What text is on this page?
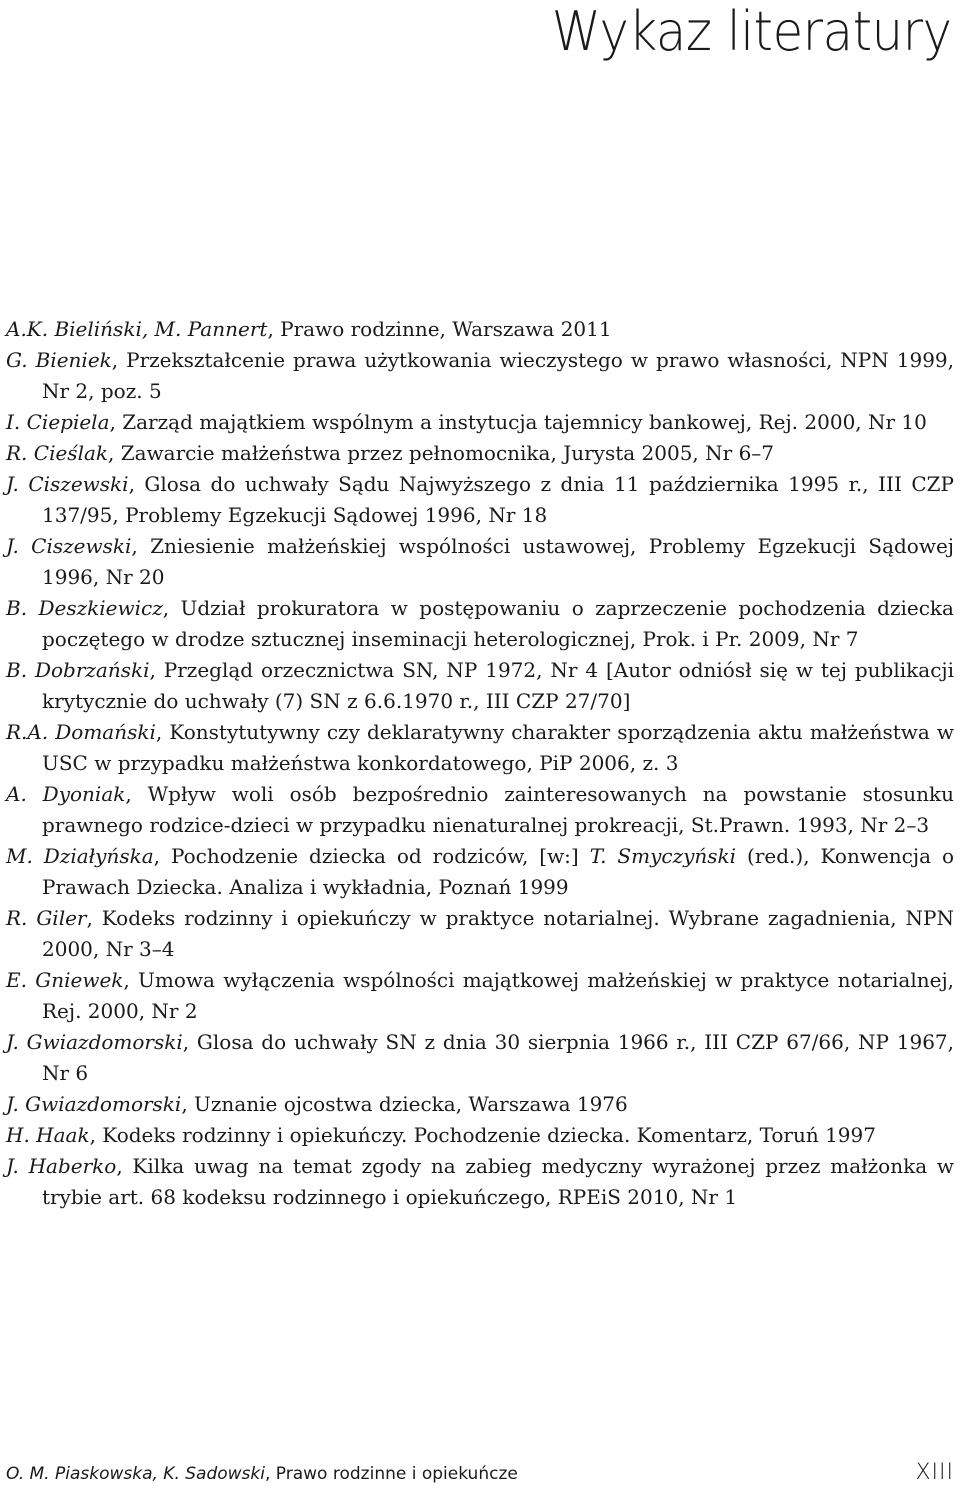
Wykaz literatury

A.K. Bieliński, M. Pannert, Prawo rodzinne, Warszawa 2011

G. Bieniek, Przekształcenie prawa użytkowania wieczystego w prawo własności, NPN 1999, Nr 2, poz. 5

I. Ciepiela, Zarząd majątkiem wspólnym a instytucja tajemnicy bankowej, Rej. 2000, Nr 10

R. Cieślak, Zawarcie małżeństwa przez pełnomocnika, Jurysta 2005, Nr 6–7

J. Ciszewski, Glosa do uchwały Sądu Najwyższego z dnia 11 października 1995 r., III CZP 137/95, Problemy Egzekucji Sądowej 1996, Nr 18

J. Ciszewski, Zniesienie małżeńskiej wspólności ustawowej, Problemy Egzekucji Sądowej 1996, Nr 20

B. Deszkiewicz, Udział prokuratora w postępowaniu o zaprzeczenie pochodzenia dziecka poczętego w drodze sztucznej inseminacji heterologicznej, Prok. i Pr. 2009, Nr 7

B. Dobrzański, Przegląd orzecznictwa SN, NP 1972, Nr 4 [Autor odniósł się w tej publikacji krytycznie do uchwały (7) SN z 6.6.1970 r., III CZP 27/70]

R.A. Domański, Konstytutywny czy deklaratywny charakter sporządzenia aktu małżeństwa w USC w przypadku małżeństwa konkordatowego, PiP 2006, z. 3

A. Dyoniak, Wpływ woli osób bezpośrednio zainteresowanych na powstanie stosunku prawnego rodzice-dzieci w przypadku nienaturalnej prokreacji, St.Prawn. 1993, Nr 2–3

M. Działyńska, Pochodzenie dziecka od rodziców, [w:] T. Smyczyński (red.), Konwencja o Prawach Dziecka. Analiza i wykładnia, Poznań 1999

R. Giler, Kodeks rodzinny i opiekuńczy w praktyce notarialnej. Wybrane zagadnienia, NPN 2000, Nr 3–4

E. Gniewek, Umowa wyłączenia wspólności majątkowej małżeńskiej w praktyce notarialnej, Rej. 2000, Nr 2

J. Gwiazdomorski, Glosa do uchwały SN z dnia 30 sierpnia 1966 r., III CZP 67/66, NP 1967, Nr 6

J. Gwiazdomorski, Uznanie ojcostwa dziecka, Warszawa 1976

H. Haak, Kodeks rodzinny i opiekuńczy. Pochodzenie dziecka. Komentarz, Toruń 1997

J. Haberko, Kilka uwag na temat zgody na zabieg medyczny wyrażonej przez małżonka w trybie art. 68 kodeksu rodzinnego i opiekuńczego, RPEiS 2010, Nr 1

O. M. Piaskowska, K. Sadowski, Prawo rodzinne i opiekuńcze	XIII
